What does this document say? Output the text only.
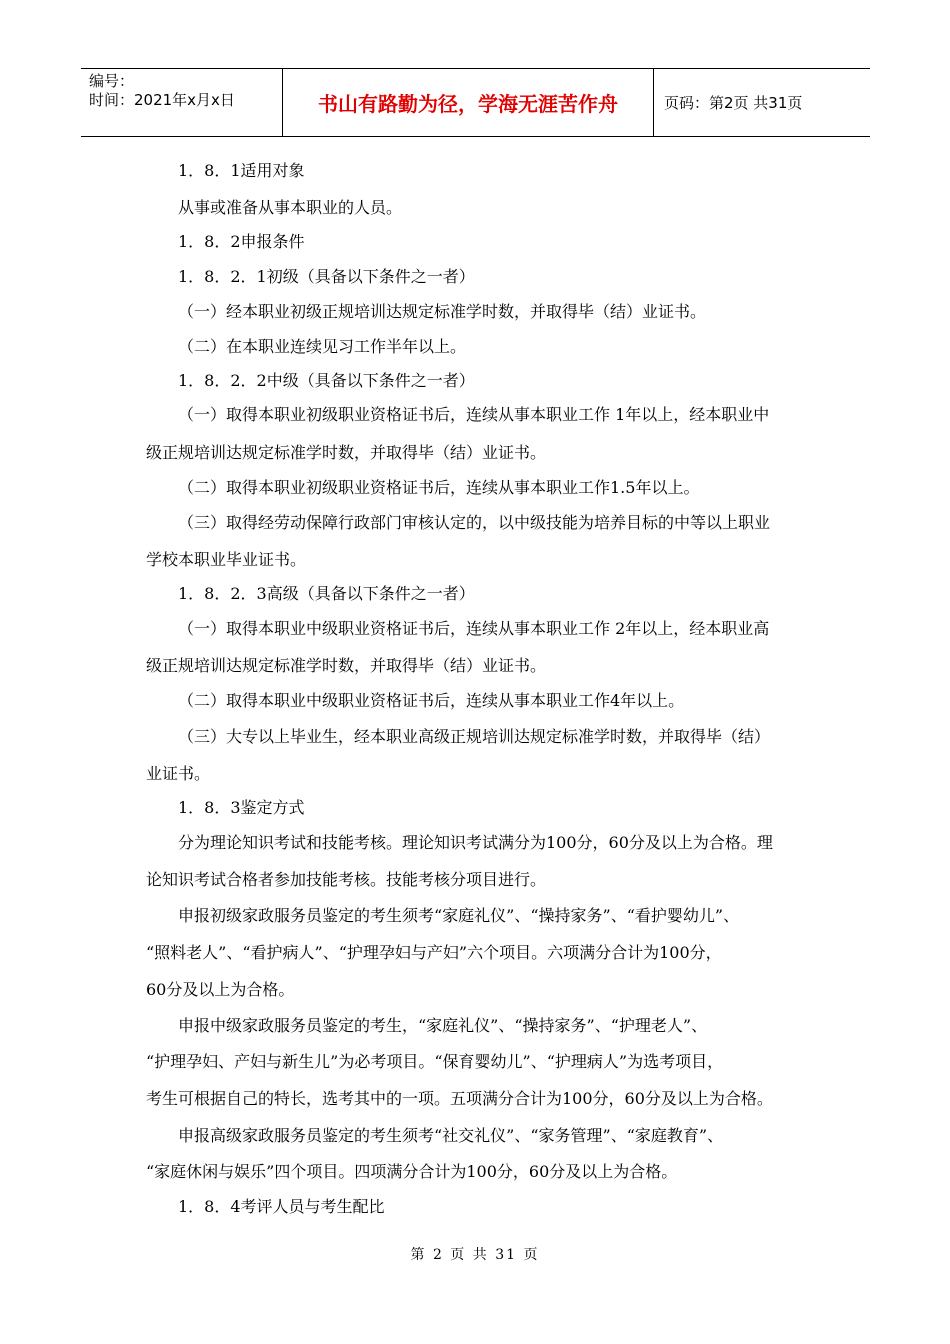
编号：
时间：2021年x月x日	书山有路勤为径，学海无涯苦作舟	页码：第2页 共31页
1．8．1适用对象
从事或准备从事本职业的人员。
1．8．2申报条件
1．8．2．1初级（具备以下条件之一者）
（一）经本职业初级正规培训达规定标准学时数，并取得毕（结）业证书。
（二）在本职业连续见习工作半年以上。
1．8．2．2中级（具备以下条件之一者）
（一）取得本职业初级职业资格证书后，连续从事本职业工作 1年以上，经本职业中
级正规培训达规定标准学时数，并取得毕（结）业证书。
（二）取得本职业初级职业资格证书后，连续从事本职业工作1.5年以上。
（三）取得经劳动保障行政部门审核认定的，以中级技能为培养目标的中等以上职业
学校本职业毕业证书。
1．8．2．3高级（具备以下条件之一者）
（一）取得本职业中级职业资格证书后，连续从事本职业工作 2年以上，经本职业高
级正规培训达规定标准学时数，并取得毕（结）业证书。
（二）取得本职业中级职业资格证书后，连续从事本职业工作4年以上。
（三）大专以上毕业生，经本职业高级正规培训达规定标准学时数，并取得毕（结）
业证书。
1．8．3鉴定方式
分为理论知识考试和技能考核。理论知识考试满分为100分，60分及以上为合格。理
论知识考试合格者参加技能考核。技能考核分项目进行。
申报初级家政服务员鉴定的考生须考“家庭礼仪”、“操持家务”、“看护婴幼儿”、
“照料老人”、“看护病人”、“护理孕妇与产妇”六个项目。六项满分合计为100分，
60分及以上为合格。
申报中级家政服务员鉴定的考生，“家庭礼仪”、“操持家务”、“护理老人”、
“护理孕妇、产妇与新生儿”为必考项目。“保育婴幼儿”、“护理病人”为选考项目，
考生可根据自己的特长，选考其中的一项。五项满分合计为100分，60分及以上为合格。
申报高级家政服务员鉴定的考生须考“社交礼仪”、“家务管理”、“家庭教育”、
“家庭休闲与娱乐”四个项目。四项满分合计为100分，60分及以上为合格。
1．8．4考评人员与考生配比
第 2 页 共 31 页
